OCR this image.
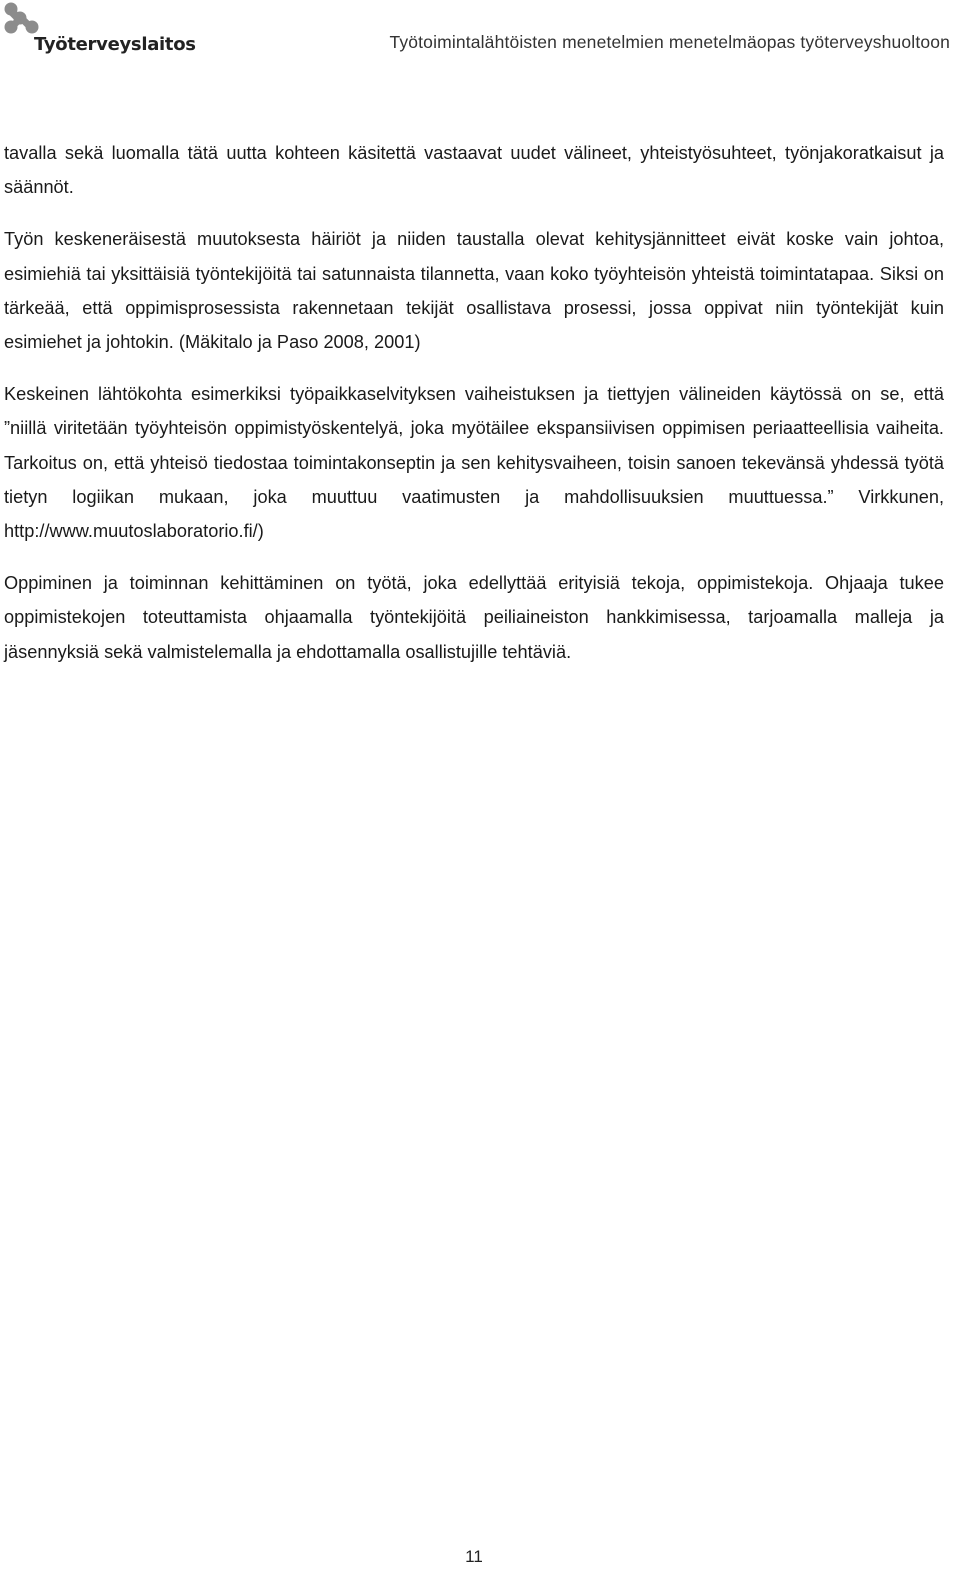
Työterveyslaitos	Työtoimintalähtöisten menetelmien menetelmäopas työterveyshuoltoon

tavalla sekä luomalla tätä uutta kohteen käsitettä vastaavat uudet välineet, yhteistyösuhteet, työnjakoratkaisut ja säännöt.

Työn keskeneräisestä muutoksesta häiriöt ja niiden taustalla olevat kehitysjännitteet eivät koske vain johtoa, esimiehiä tai yksittäisiä työntekijöitä tai satunnaista tilannetta, vaan koko työyhteisön yhteistä toimintatapaa. Siksi on tärkeää, että oppimisprosessista rakennetaan tekijät osallistava prosessi, jossa oppivat niin työntekijät kuin esimiehet ja johtokin. (Mäkitalo ja Paso 2008, 2001)

Keskeinen lähtökohta esimerkiksi työpaikkaselvityksen vaiheistuksen ja tiettyjen välineiden käytössä on se, että ”niillä viritetään työyhteisön oppimistyöskentelyä, joka myötäilee ekspansiivisen oppimisen periaatteellisia vaiheita. Tarkoitus on, että yhteisö tiedostaa toimintakonseptin ja sen kehitysvaiheen, toisin sanoen tekevänsä yhdessä työtä tietyn logiikan mukaan, joka muuttuu vaatimusten ja mahdollisuuksien muuttuessa.” Virkkunen, http://www.muutoslaboratorio.fi/)

Oppiminen ja toiminnan kehittäminen on työtä, joka edellyttää erityisiä tekoja, oppimistekoja. Ohjaaja tukee oppimistekojen toteuttamista ohjaamalla työntekijöitä peiliaineiston hankkimisessa, tarjoamalla malleja ja jäsennyksiä sekä valmistelemalla ja ehdottamalla osallistujille tehtäviä.

11
